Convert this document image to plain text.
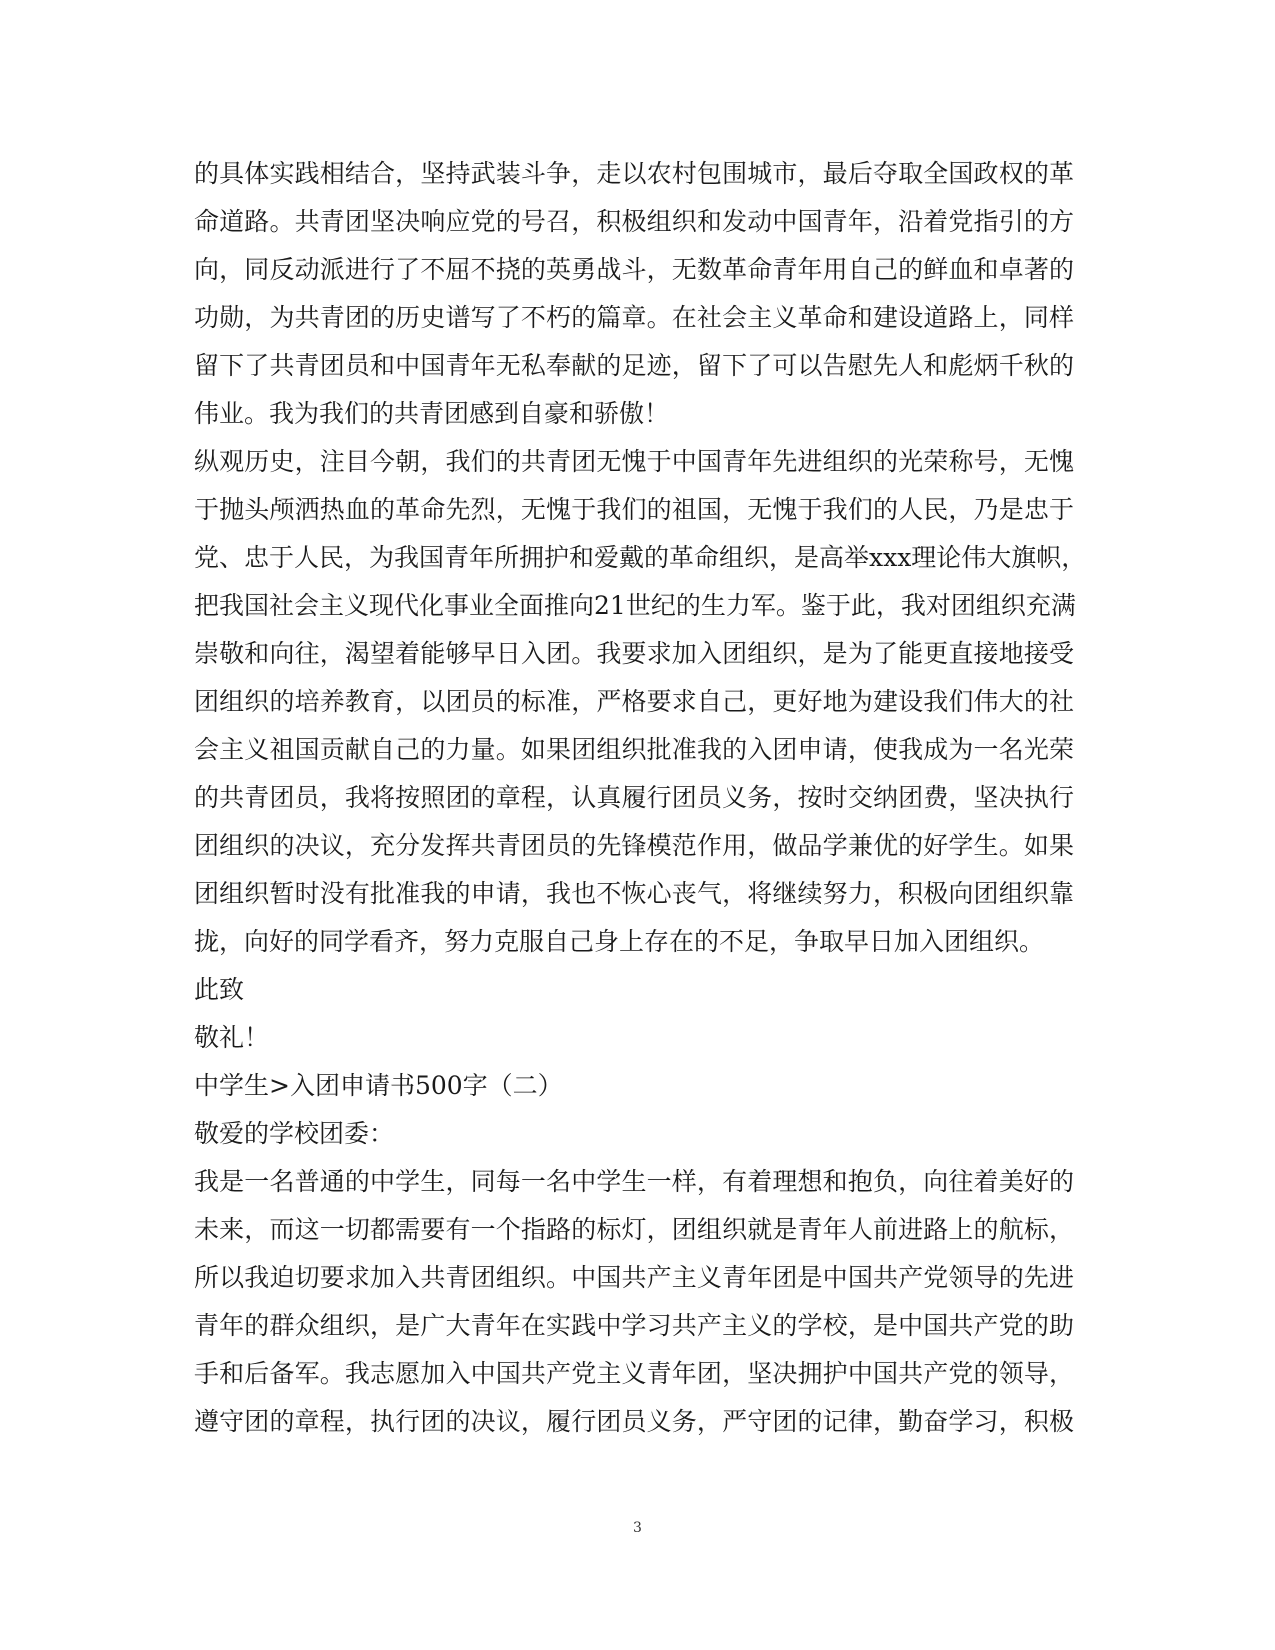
的具体实践相结合，坚持武装斗争，走以农村包围城市，最后夺取全国政权的革
命道路。共青团坚决响应党的号召，积极组织和发动中国青年，沿着党指引的方
向，同反动派进行了不屈不挠的英勇战斗，无数革命青年用自己的鲜血和卓著的
功勋，为共青团的历史谱写了不朽的篇章。在社会主义革命和建设道路上，同样
留下了共青团员和中国青年无私奉献的足迹，留下了可以告慰先人和彪炳千秋的
伟业。我为我们的共青团感到自豪和骄傲！
纵观历史，注目今朝，我们的共青团无愧于中国青年先进组织的光荣称号，无愧
于抛头颅洒热血的革命先烈，无愧于我们的祖国，无愧于我们的人民，乃是忠于
党、忠于人民，为我国青年所拥护和爱戴的革命组织，是高举xxx理论伟大旗帜，
把我国社会主义现代化事业全面推向21世纪的生力军。鉴于此，我对团组织充满
崇敬和向往，渴望着能够早日入团。我要求加入团组织，是为了能更直接地接受
团组织的培养教育，以团员的标准，严格要求自己，更好地为建设我们伟大的社
会主义祖国贡献自己的力量。如果团组织批准我的入团申请，使我成为一名光荣
的共青团员，我将按照团的章程，认真履行团员义务，按时交纳团费，坚决执行
团组织的决议，充分发挥共青团员的先锋模范作用，做品学兼优的好学生。如果
团组织暂时没有批准我的申请，我也不恢心丧气，将继续努力，积极向团组织靠
拢，向好的同学看齐，努力克服自己身上存在的不足，争取早日加入团组织。
此致
敬礼！
中学生>入团申请书500字（二）
敬爱的学校团委：
我是一名普通的中学生，同每一名中学生一样，有着理想和抱负，向往着美好的
未来，而这一切都需要有一个指路的标灯，团组织就是青年人前进路上的航标，
所以我迫切要求加入共青团组织。中国共产主义青年团是中国共产党领导的先进
青年的群众组织，是广大青年在实践中学习共产主义的学校，是中国共产党的助
手和后备军。我志愿加入中国共产党主义青年团，坚决拥护中国共产党的领导，
遵守团的章程，执行团的决议，履行团员义务，严守团的记律，勤奋学习，积极
3
